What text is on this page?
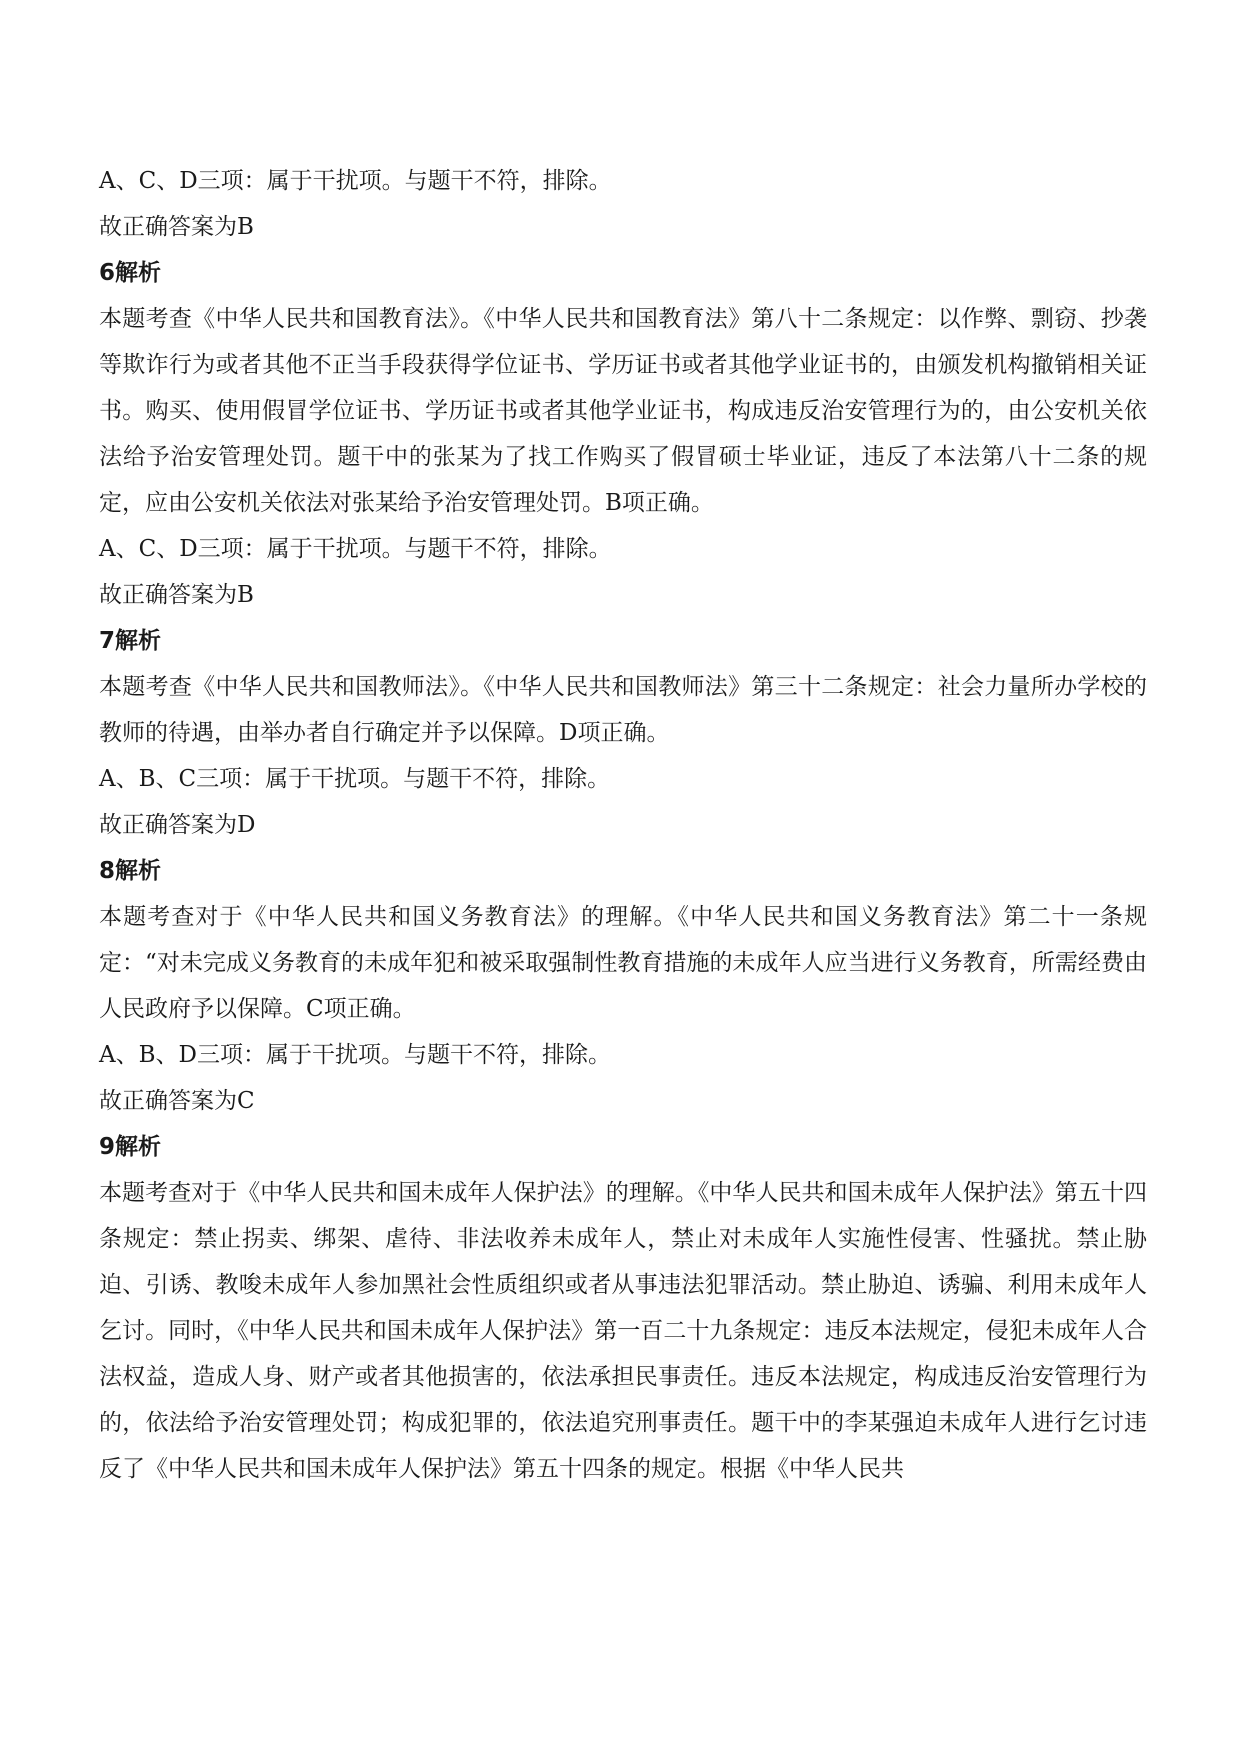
A、C、D三项：属于干扰项。与题干不符，排除。

故正确答案为B

6解析

本题考查《中华人民共和国教育法》。《中华人民共和国教育法》第八十二条规定：以作弊、剽窃、抄袭等欺诈行为或者其他不正当手段获得学位证书、学历证书或者其他学业证书的，由颁发机构撤销相关证书。购买、使用假冒学位证书、学历证书或者其他学业证书，构成违反治安管理行为的，由公安机关依法给予治安管理处罚。题干中的张某为了找工作购买了假冒硕士毕业证，违反了本法第八十二条的规定，应由公安机关依法对张某给予治安管理处罚。B项正确。

A、C、D三项：属于干扰项。与题干不符，排除。

故正确答案为B

7解析

本题考查《中华人民共和国教师法》。《中华人民共和国教师法》第三十二条规定：社会力量所办学校的教师的待遇，由举办者自行确定并予以保障。D项正确。

A、B、C三项：属于干扰项。与题干不符，排除。

故正确答案为D

8解析

本题考查对于《中华人民共和国义务教育法》的理解。《中华人民共和国义务教育法》第二十一条规定：“对未完成义务教育的未成年犯和被采取强制性教育措施的未成年人应当进行义务教育，所需经费由人民政府予以保障。C项正确。

A、B、D三项：属于干扰项。与题干不符，排除。

故正确答案为C

9解析

本题考查对于《中华人民共和国未成年人保护法》的理解。《中华人民共和国未成年人保护法》第五十四条规定：禁止拐卖、绑架、虐待、非法收养未成年人，禁止对未成年人实施性侵害、性骚扰。禁止胁迫、引诱、教唆未成年人参加黑社会性质组织或者从事违法犯罪活动。禁止胁迫、诱骗、利用未成年人乞讨。同时，《中华人民共和国未成年人保护法》第一百二十九条规定：违反本法规定，侵犯未成年人合法权益，造成人身、财产或者其他损害的，依法承担民事责任。违反本法规定，构成违反治安管理行为的，依法给予治安管理处罚；构成犯罪的，依法追究刑事责任。题干中的李某强迫未成年人进行乞讨违反了《中华人民共和国未成年人保护法》第五十四条的规定。根据《中华人民共
